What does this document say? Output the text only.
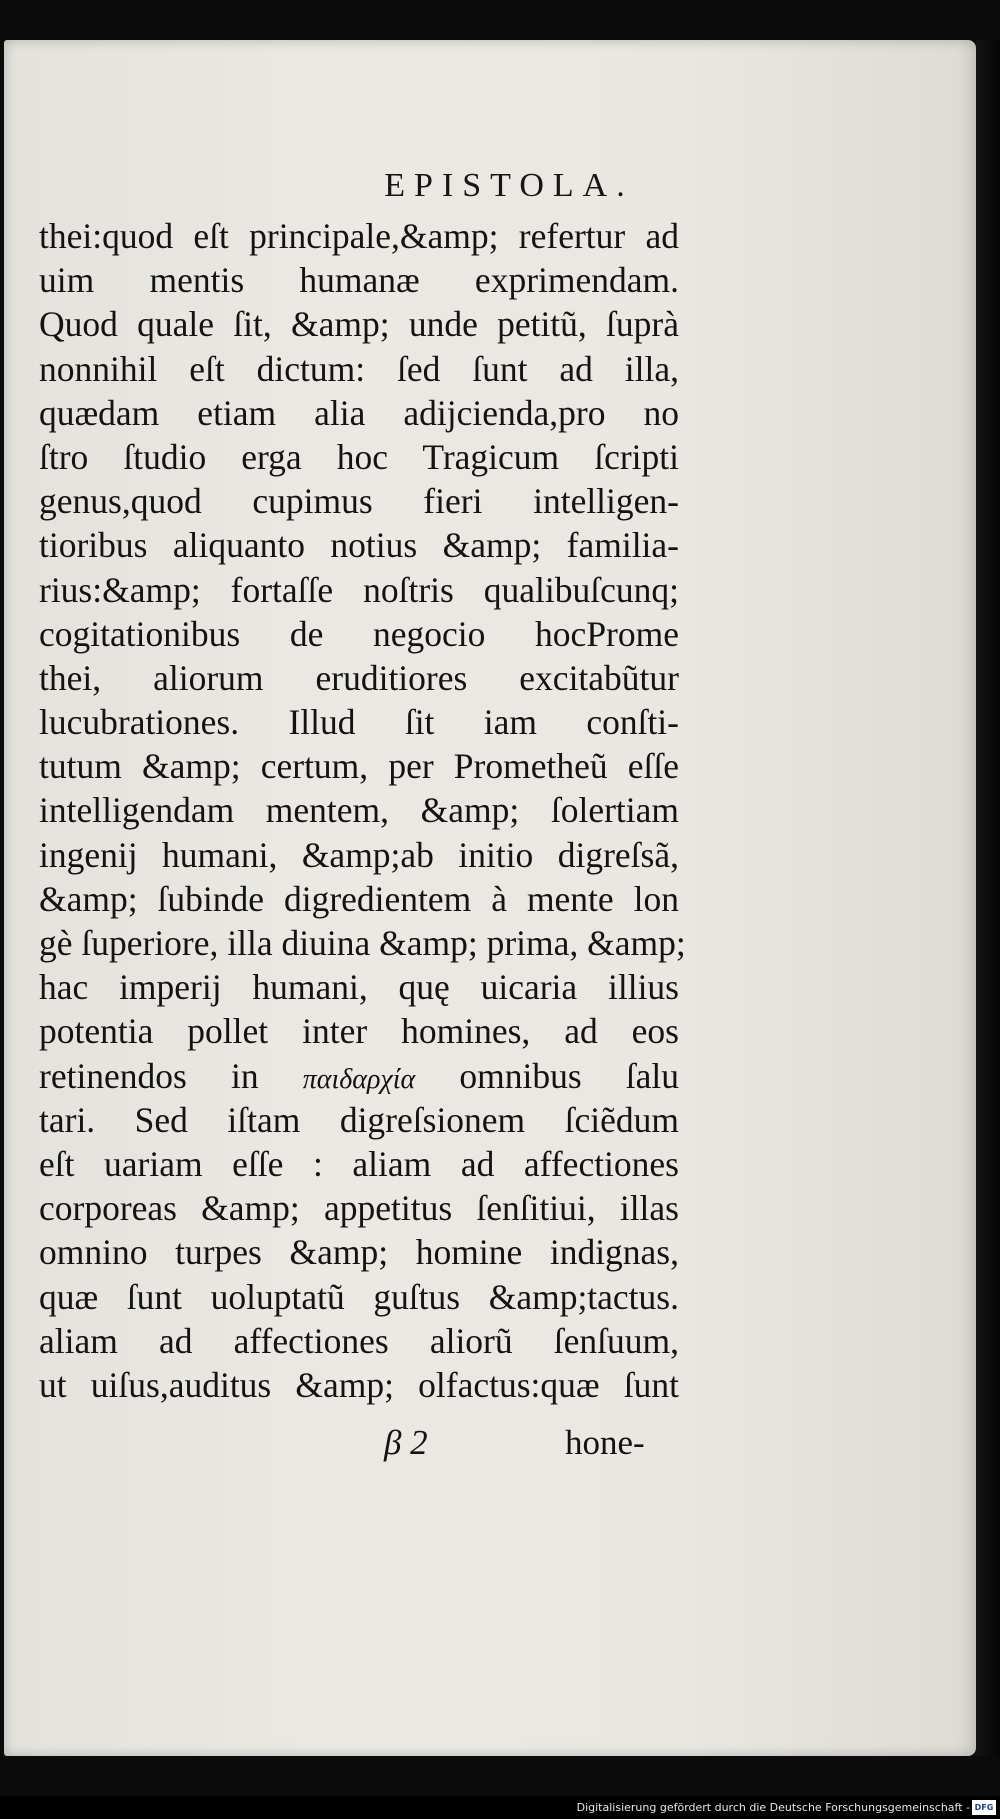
EPISTOLA.
thei:quod eſt principale,&amp; refertur ad
uim mentis humanæ exprimendam.
Quod quale ſit, &amp; unde petitũ, ſuprà
nonnihil eſt dictum: ſed ſunt ad illa,
quædam etiam alia adijcienda,pro no
ſtro ſtudio erga hoc Tragicum ſcripti
genus,quod cupimus fieri intelligen-
tioribus aliquanto notius &amp; familia-
rius:&amp; fortaſſe noſtris qualibuſcunq;
cogitationibus de negocio hocProme
thei, aliorum eruditiores excitabũtur
lucubrationes. Illud ſit iam conſti-
tutum &amp; certum, per Prometheũ eſſe
intelligendam mentem, &amp; ſolertiam
ingenij humani, &amp;ab initio digreſsã,
&amp; ſubinde digredientem à mente lon
gè ſuperiore, illa diuina &amp; prima, &amp;
hac imperij humani, quę uicaria illius
potentia pollet inter homines, ad eos
retinendos in παιδαρχία omnibus ſalu
tari. Sed iſtam digreſsionem ſciẽdum
eſt uariam eſſe : aliam ad affectiones
corporeas &amp; appetitus ſenſitiui, illas
omnino turpes &amp; homine indignas,
quæ ſunt uoluptatũ guſtus &amp;tactus.
aliam ad affectiones aliorũ ſenſuum,
ut uiſus,auditus &amp; olfactus:quæ ſunt
β 2	hone-
Digitalisierung gefördert durch die Deutsche Forschungsgemeinschaft - DFG
